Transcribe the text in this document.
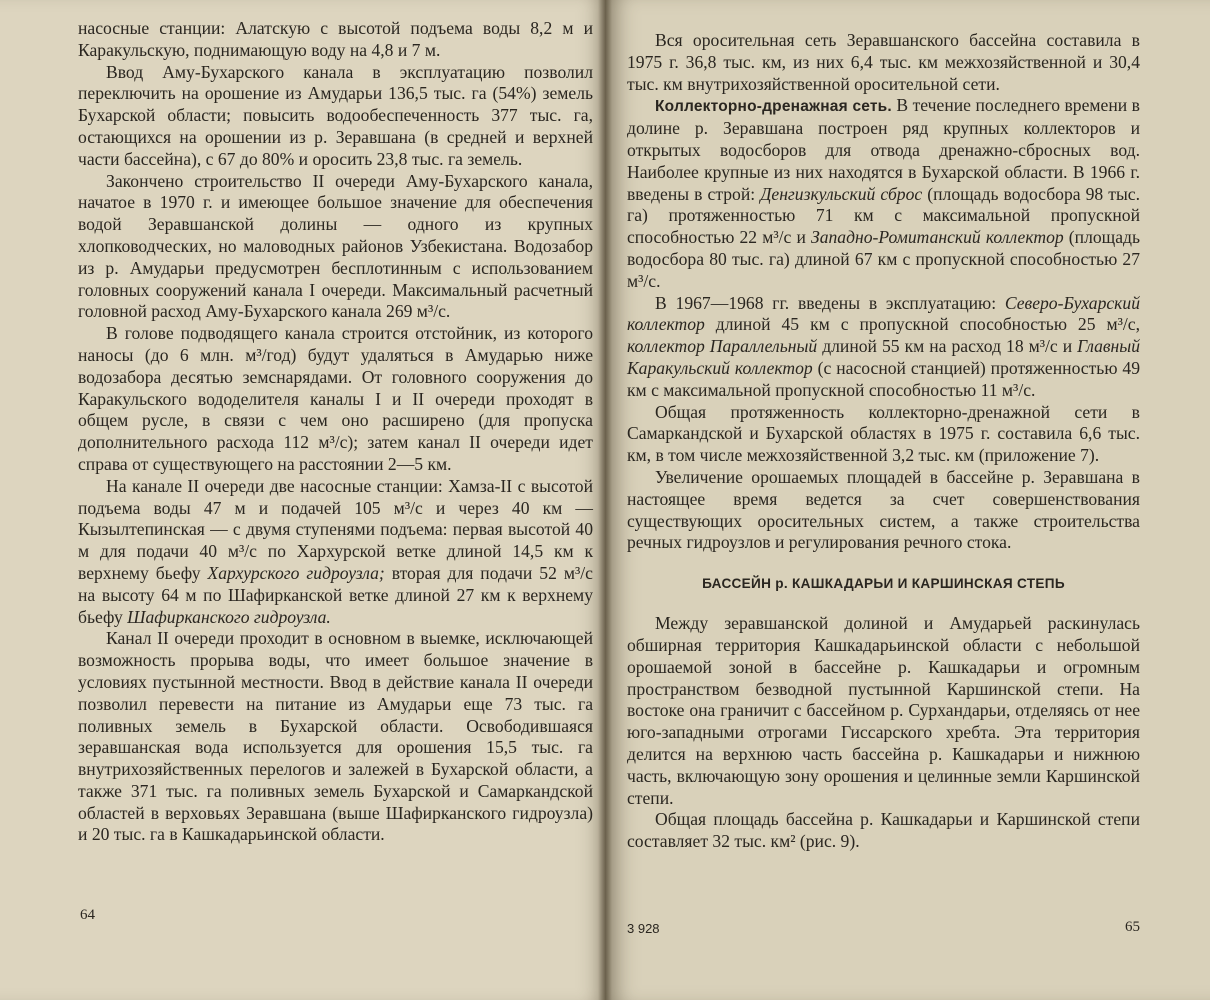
насосные станции: Алатскую с высотой подъема воды 8,2 м и Каракульскую, поднимающую воду на 4,8 и 7 м.

Ввод Аму-Бухарского канала в эксплуатацию позволил переключить на орошение из Амударьи 136,5 тыс. га (54%) земель Бухарской области; повысить водообеспеченность 377 тыс. га, остающихся на орошении из р. Зеравшана (в средней и верхней части бассейна), с 67 до 80% и оросить 23,8 тыс. га земель.

Закончено строительство II очереди Аму-Бухарского канала, начатое в 1970 г. и имеющее большое значение для обеспечения водой Зеравшанской долины — одного из крупных хлопководческих, но маловодных районов Узбекистана. Водозабор из р. Амударьи предусмотрен бесплотинным с использованием головных сооружений канала I очереди. Максимальный расчетный головной расход Аму-Бухарского канала 269 м³/с.

В голове подводящего канала строится отстойник, из которого наносы (до 6 млн. м³/год) будут удаляться в Амударью ниже водозабора десятью земснарядами. От головного сооружения до Каракульского вододелителя каналы I и II очереди проходят в общем русле, в связи с чем оно расширено (для пропуска дополнительного расхода 112 м³/с); затем канал II очереди идет справа от существующего на расстоянии 2—5 км.

На канале II очереди две насосные станции: Хамза-II с высотой подъема воды 47 м и подачей 105 м³/с и через 40 км — Кызылтепинская — с двумя ступенями подъема: первая высотой 40 м для подачи 40 м³/с по Хархурской ветке длиной 14,5 км к верхнему бьефу Хархурского гидроузла; вторая для подачи 52 м³/с на высоту 64 м по Шафирканской ветке длиной 27 км к верхнему бьефу Шафирканского гидроузла.

Канал II очереди проходит в основном в выемке, исключающей возможность прорыва воды, что имеет большое значение в условиях пустынной местности. Ввод в действие канала II очереди позволил перевести на питание из Амударьи еще 73 тыс. га поливных земель в Бухарской области. Освободившаяся зеравшанская вода используется для орошения 15,5 тыс. га внутрихозяйственных перелогов и залежей в Бухарской области, а также 371 тыс. га поливных земель Бухарской и Самаркандской областей в верховьях Зеравшана (выше Шафирканского гидроузла) и 20 тыс. га в Кашкадарьинской области.

64

Вся оросительная сеть Зеравшанского бассейна составила в 1975 г. 36,8 тыс. км, из них 6,4 тыс. км межхозяйственной и 30,4 тыс. км внутрихозяйственной оросительной сети.

Коллекторно-дренажная сеть. В течение последнего времени в долине р. Зеравшана построен ряд крупных коллекторов и открытых водосборов для отвода дренажно-сбросных вод. Наиболее крупные из них находятся в Бухарской области. В 1966 г. введены в строй: Денгизкульский сброс (площадь водосбора 98 тыс. га) протяженностью 71 км с максимальной пропускной способностью 22 м³/с и Западно-Ромитанский коллектор (площадь водосбора 80 тыс. га) длиной 67 км с пропускной способностью 27 м³/с.

В 1967—1968 гг. введены в эксплуатацию: Северо-Бухарский коллектор длиной 45 км с пропускной способностью 25 м³/с, коллектор Параллельный длиной 55 км на расход 18 м³/с и Главный Каракульский коллектор (с насосной станцией) протяженностью 49 км с максимальной пропускной способностью 11 м³/с.

Общая протяженность коллекторно-дренажной сети в Самаркандской и Бухарской областях в 1975 г. составила 6,6 тыс. км, в том числе межхозяйственной 3,2 тыс. км (приложение 7).

Увеличение орошаемых площадей в бассейне р. Зеравшана в настоящее время ведется за счет совершенствования существующих оросительных систем, а также строительства речных гидроузлов и регулирования речного стока.

БАССЕЙН р. КАШКАДАРЬИ И КАРШИНСКАЯ СТЕПЬ

Между зеравшанской долиной и Амударьей раскинулась обширная территория Кашкадарьинской области с небольшой орошаемой зоной в бассейне р. Кашкадарьи и огромным пространством безводной пустынной Каршинской степи. На востоке она граничит с бассейном р. Сурхандарьи, отделяясь от нее юго-западными отрогами Гиссарского хребта. Эта территория делится на верхнюю часть бассейна р. Кашкадарьи и нижнюю часть, включающую зону орошения и целинные земли Каршинской степи.

Общая площадь бассейна р. Кашкадарьи и Каршинской степи составляет 32 тыс. км² (рис. 9).

3 928	65
